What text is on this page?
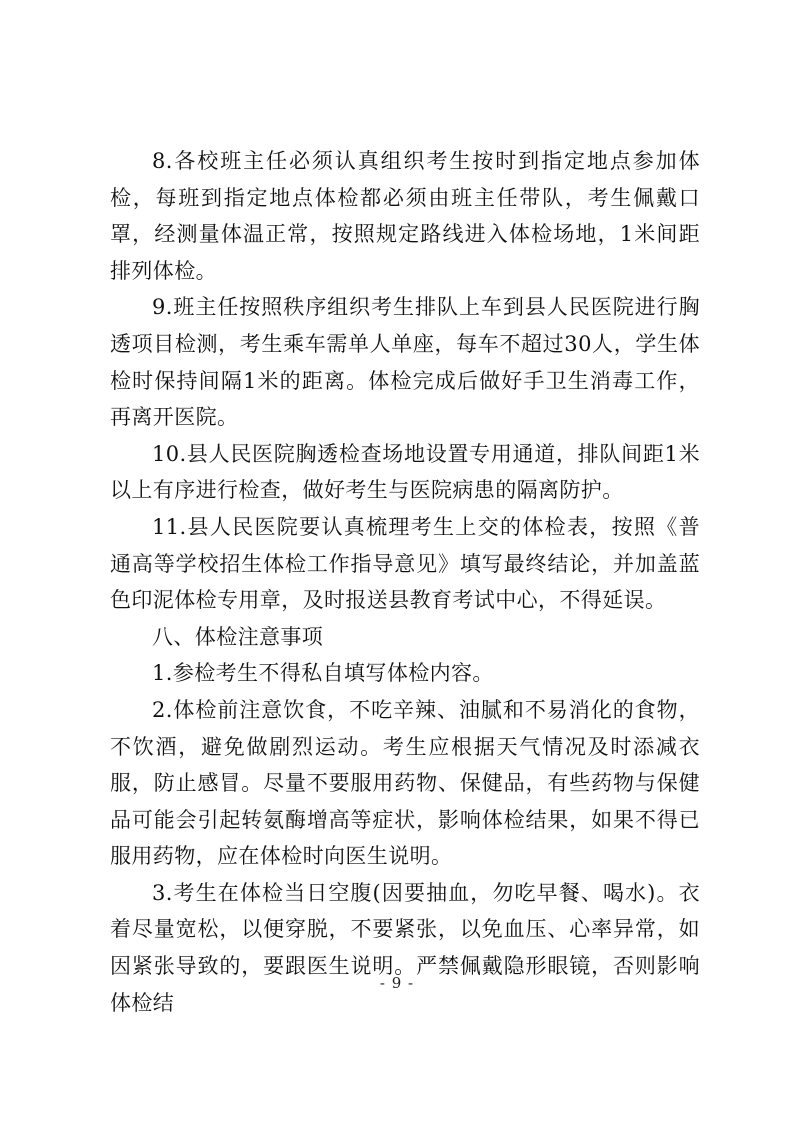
8.各校班主任必须认真组织考生按时到指定地点参加体检，每班到指定地点体检都必须由班主任带队，考生佩戴口罩，经测量体温正常，按照规定路线进入体检场地，1米间距排列体检。

9.班主任按照秩序组织考生排队上车到县人民医院进行胸透项目检测，考生乘车需单人单座，每车不超过30人，学生体检时保持间隔1米的距离。体检完成后做好手卫生消毒工作，再离开医院。

10.县人民医院胸透检查场地设置专用通道，排队间距1米以上有序进行检查，做好考生与医院病患的隔离防护。

11.县人民医院要认真梳理考生上交的体检表，按照《普通高等学校招生体检工作指导意见》填写最终结论，并加盖蓝色印泥体检专用章，及时报送县教育考试中心，不得延误。

八、体检注意事项

1.参检考生不得私自填写体检内容。

2.体检前注意饮食，不吃辛辣、油腻和不易消化的食物，不饮酒，避免做剧烈运动。考生应根据天气情况及时添减衣服，防止感冒。尽量不要服用药物、保健品，有些药物与保健品可能会引起转氨酶增高等症状，影响体检结果，如果不得已服用药物，应在体检时向医生说明。

3.考生在体检当日空腹(因要抽血，勿吃早餐、喝水)。衣着尽量宽松，以便穿脱，不要紧张，以免血压、心率异常，如因紧张导致的，要跟医生说明。严禁佩戴隐形眼镜，否则影响体检结

- 9 -
